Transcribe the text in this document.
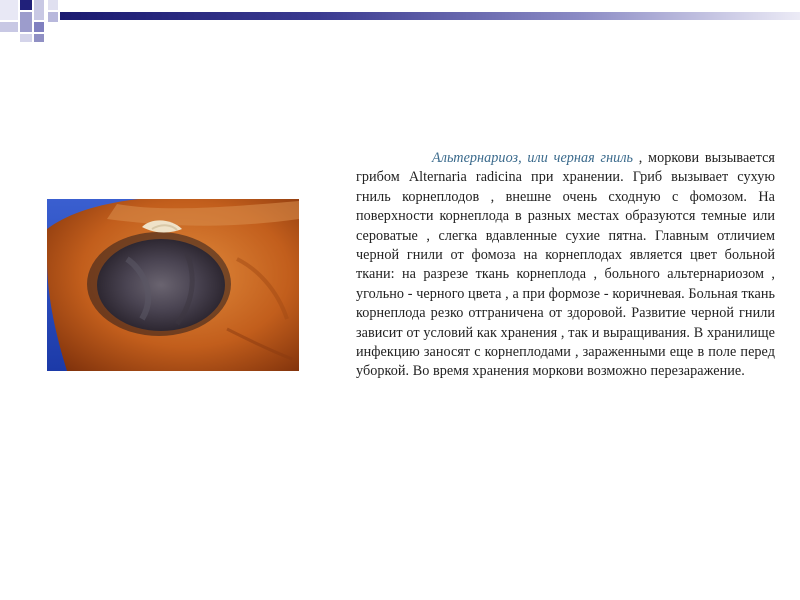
Альтернариоз, или черная гниль , моркови вызывается грибом Alternaria radicina при хранении. Гриб вызывает сухую гниль корнеплодов , внешне очень сходную с фомозом. На поверхности корнеплода в разных местах образуются темные или сероватые , слегка вдавленные сухие пятна. Главным отличием черной гнили от фомоза на корнеплодах является цвет больной ткани: на разрезе ткань корнеплода , больного альтернариозом , угольно - черного цвета , а при формозе - коричневая. Больная ткань корнеплода резко отграничена от здоровой. Развитие черной гнили зависит от условий как хранения , так и выращивания. В хранилище инфекцию заносят с корнеплодами , зараженными еще в поле перед уборкой. Во время хранения моркови возможно перезаражение.
